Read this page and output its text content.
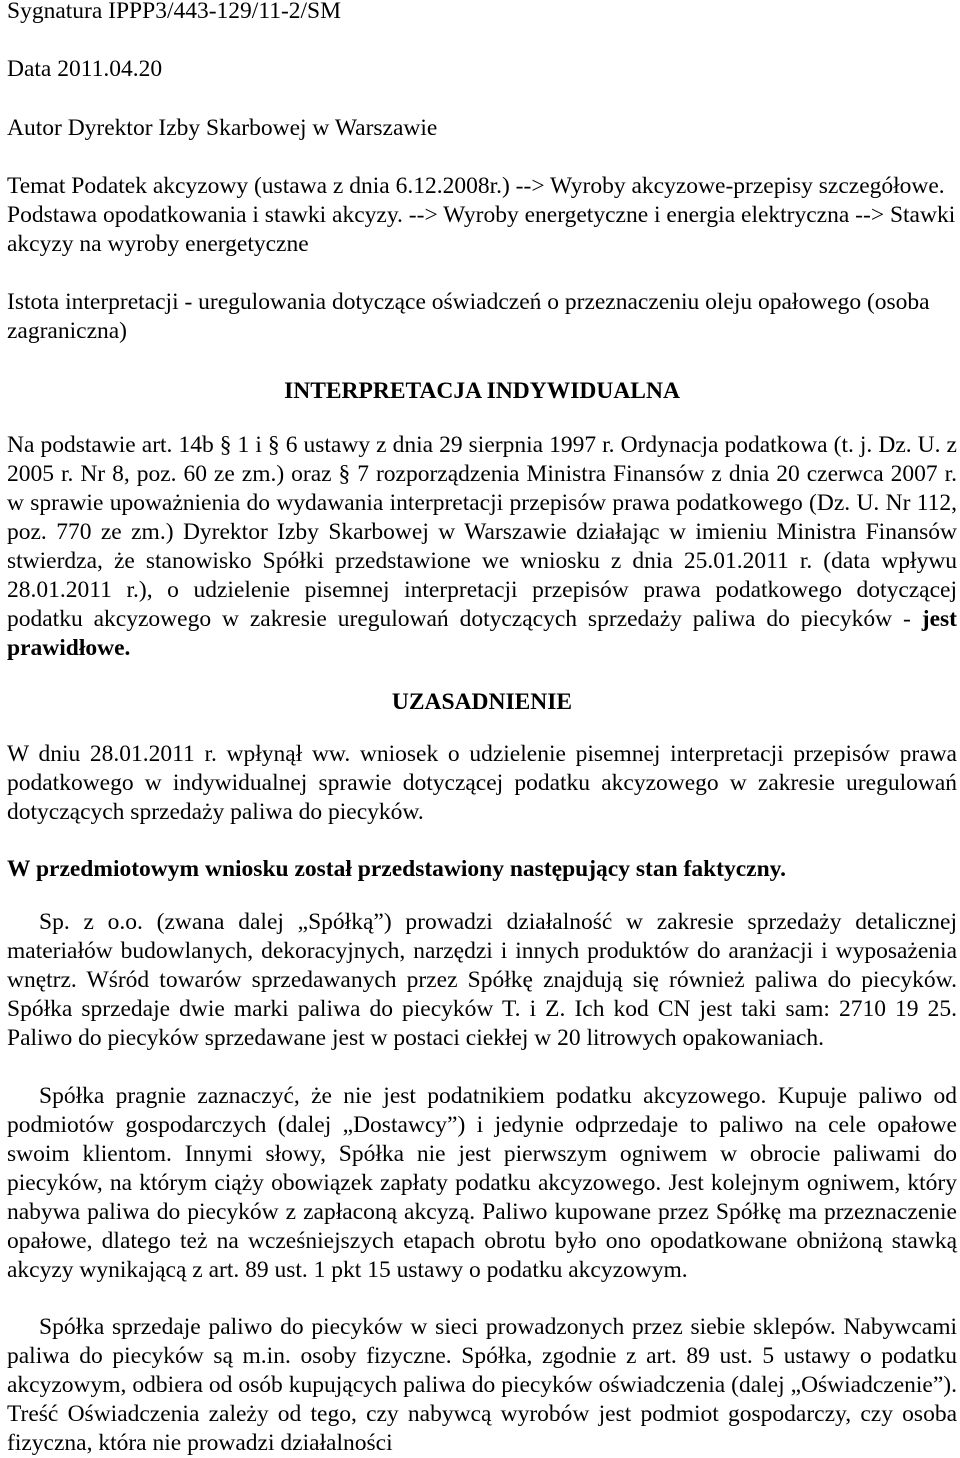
Sygnatura IPPP3/443-129/11-2/SM

Data 2011.04.20

Autor Dyrektor Izby Skarbowej w Warszawie

Temat Podatek akcyzowy (ustawa z dnia 6.12.2008r.) --> Wyroby akcyzowe-przepisy szczegółowe. Podstawa opodatkowania i stawki akcyzy. --> Wyroby energetyczne i energia elektryczna --> Stawki akcyzy na wyroby energetyczne

Istota interpretacji - uregulowania dotyczące oświadczeń o przeznaczeniu oleju opałowego (osoba zagraniczna)

INTERPRETACJA INDYWIDUALNA

Na podstawie art. 14b § 1 i § 6 ustawy z dnia 29 sierpnia 1997 r. Ordynacja podatkowa (t. j. Dz. U. z 2005 r. Nr 8, poz. 60 ze zm.) oraz § 7 rozporządzenia Ministra Finansów z dnia 20 czerwca 2007 r. w sprawie upoważnienia do wydawania interpretacji przepisów prawa podatkowego (Dz. U. Nr 112, poz. 770 ze zm.) Dyrektor Izby Skarbowej w Warszawie działając w imieniu Ministra Finansów stwierdza, że stanowisko Spółki przedstawione we wniosku z dnia 25.01.2011 r. (data wpływu 28.01.2011 r.), o udzielenie pisemnej interpretacji przepisów prawa podatkowego dotyczącej podatku akcyzowego w zakresie uregulowań dotyczących sprzedaży paliwa do piecyków - jest prawidłowe.

UZASADNIENIE

W dniu 28.01.2011 r. wpłynął ww. wniosek o udzielenie pisemnej interpretacji przepisów prawa podatkowego w indywidualnej sprawie dotyczącej podatku akcyzowego w zakresie uregulowań dotyczących sprzedaży paliwa do piecyków.

W przedmiotowym wniosku został przedstawiony następujący stan faktyczny.

Sp. z o.o. (zwana dalej „Spółką”) prowadzi działalność w zakresie sprzedaży detalicznej materiałów budowlanych, dekoracyjnych, narzędzi i innych produktów do aranżacji i wyposażenia wnętrz. Wśród towarów sprzedawanych przez Spółkę znajdują się również paliwa do piecyków. Spółka sprzedaje dwie marki paliwa do piecyków T. i Z. Ich kod CN jest taki sam: 2710 19 25. Paliwo do piecyków sprzedawane jest w postaci ciekłej w 20 litrowych opakowaniach.

Spółka pragnie zaznaczyć, że nie jest podatnikiem podatku akcyzowego. Kupuje paliwo od podmiotów gospodarczych (dalej „Dostawcy”) i jedynie odprzedaje to paliwo na cele opałowe swoim klientom. Innymi słowy, Spółka nie jest pierwszym ogniwem w obrocie paliwami do piecyków, na którym ciąży obowiązek zapłaty podatku akcyzowego. Jest kolejnym ogniwem, który nabywa paliwa do piecyków z zapłaconą akcyzą. Paliwo kupowane przez Spółkę ma przeznaczenie opałowe, dlatego też na wcześniejszych etapach obrotu było ono opodatkowane obniżoną stawką akcyzy wynikającą z art. 89 ust. 1 pkt 15 ustawy o podatku akcyzowym.

Spółka sprzedaje paliwo do piecyków w sieci prowadzonych przez siebie sklepów. Nabywcami paliwa do piecyków są m.in. osoby fizyczne. Spółka, zgodnie z art. 89 ust. 5 ustawy o podatku akcyzowym, odbiera od osób kupujących paliwa do piecyków oświadczenia (dalej „Oświadczenie”). Treść Oświadczenia zależy od tego, czy nabywcą wyrobów jest podmiot gospodarczy, czy osoba fizyczna, która nie prowadzi działalności
